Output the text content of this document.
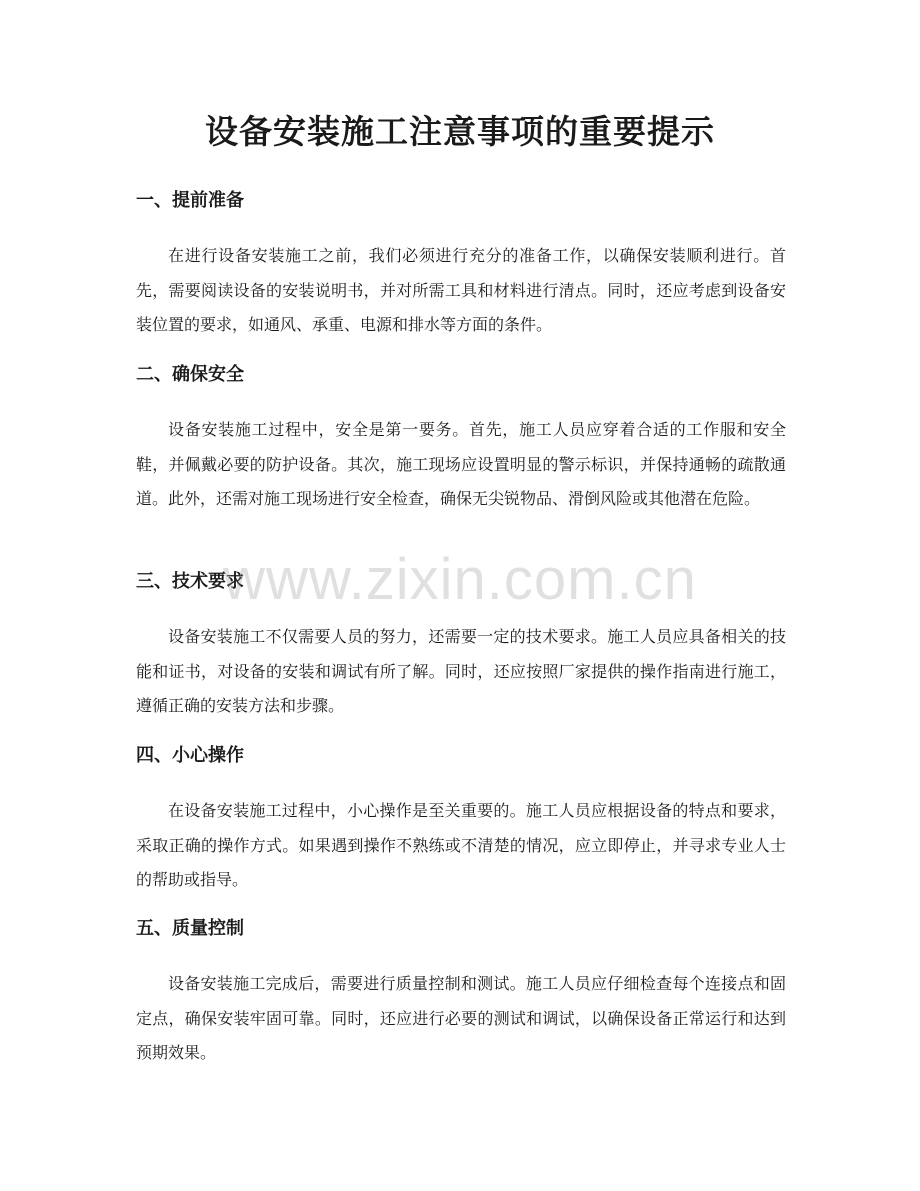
设备安装施工注意事项的重要提示
一、提前准备

在进行设备安装施工之前，我们必须进行充分的准备工作，以确保安装顺利进行。首先，需要阅读设备的安装说明书，并对所需工具和材料进行清点。同时，还应考虑到设备安装位置的要求，如通风、承重、电源和排水等方面的条件。

二、确保安全

设备安装施工过程中，安全是第一要务。首先，施工人员应穿着合适的工作服和安全鞋，并佩戴必要的防护设备。其次，施工现场应设置明显的警示标识，并保持通畅的疏散通道。此外，还需对施工现场进行安全检查，确保无尖锐物品、滑倒风险或其他潜在危险。

三、技术要求

设备安装施工不仅需要人员的努力，还需要一定的技术要求。施工人员应具备相关的技能和证书，对设备的安装和调试有所了解。同时，还应按照厂家提供的操作指南进行施工，遵循正确的安装方法和步骤。

四、小心操作

在设备安装施工过程中，小心操作是至关重要的。施工人员应根据设备的特点和要求，采取正确的操作方式。如果遇到操作不熟练或不清楚的情况，应立即停止，并寻求专业人士的帮助或指导。

五、质量控制

设备安装施工完成后，需要进行质量控制和测试。施工人员应仔细检查每个连接点和固定点，确保安装牢固可靠。同时，还应进行必要的测试和调试，以确保设备正常运行和达到预期效果。

www.zixin.com.cn
